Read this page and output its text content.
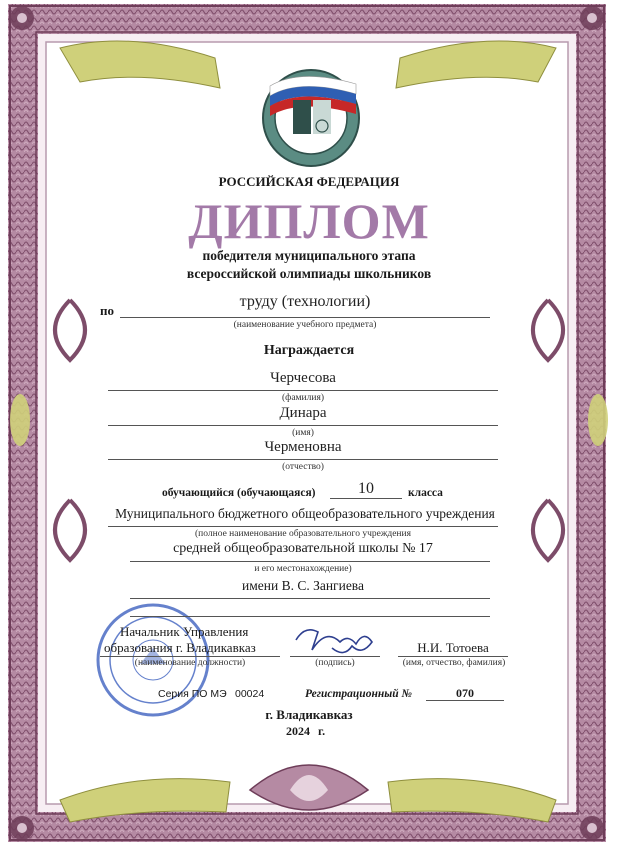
РОССИЙСКАЯ ФЕДЕРАЦИЯ
ДИПЛОМ
победителя муниципального этапа
всероссийской олимпиады школьников
по
труду (технологии)
(наименование учебного предмета)
Награждается
Черчесова
(фамилия)
Динара
(имя)
Черменовна
(отчество)
обучающийся (обучающаяся)	10	класса
Муниципального бюджетного общеобразовательного учреждения
(полное наименование образовательного учреждения
средней общеобразовательной школы № 17
и его местонахождение)
имени В. С. Зангиева
Начальник Управления
образования г. Владикавказ
(наименование должности)	(подпись)
Н.И. Тотоева
(имя, отчество, фамилия)
Серия ПО МЭ 00024	Регистрационный №	070
г. Владикавказ
2024 г.
